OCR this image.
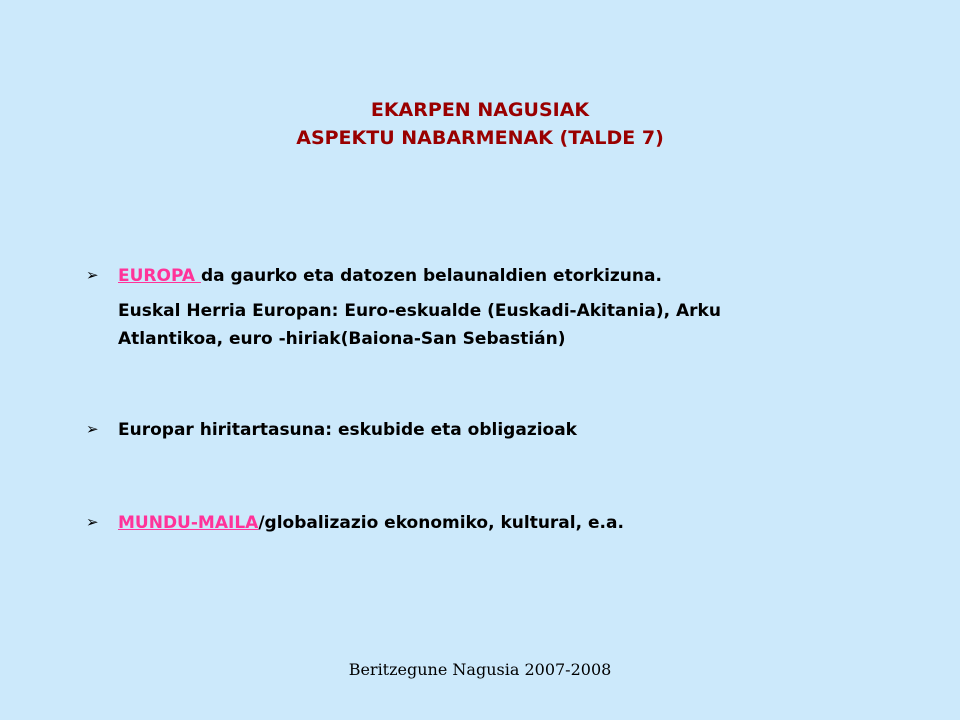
EKARPEN NAGUSIAK
ASPEKTU NABARMENAK (TALDE 7)
➢ EUROPA da gaurko eta datozen belaunaldien etorkizuna.
Euskal Herria Europan: Euro-eskualde (Euskadi-Akitania), Arku
Atlantikoa, euro -hiriak(Baiona-San Sebastián)
➢ Europar hiritartasuna: eskubide eta obligazioak
➢ MUNDU-MAILA/globalizazio ekonomiko, kultural, e.a.
Beritzegune Nagusia 2007-2008
